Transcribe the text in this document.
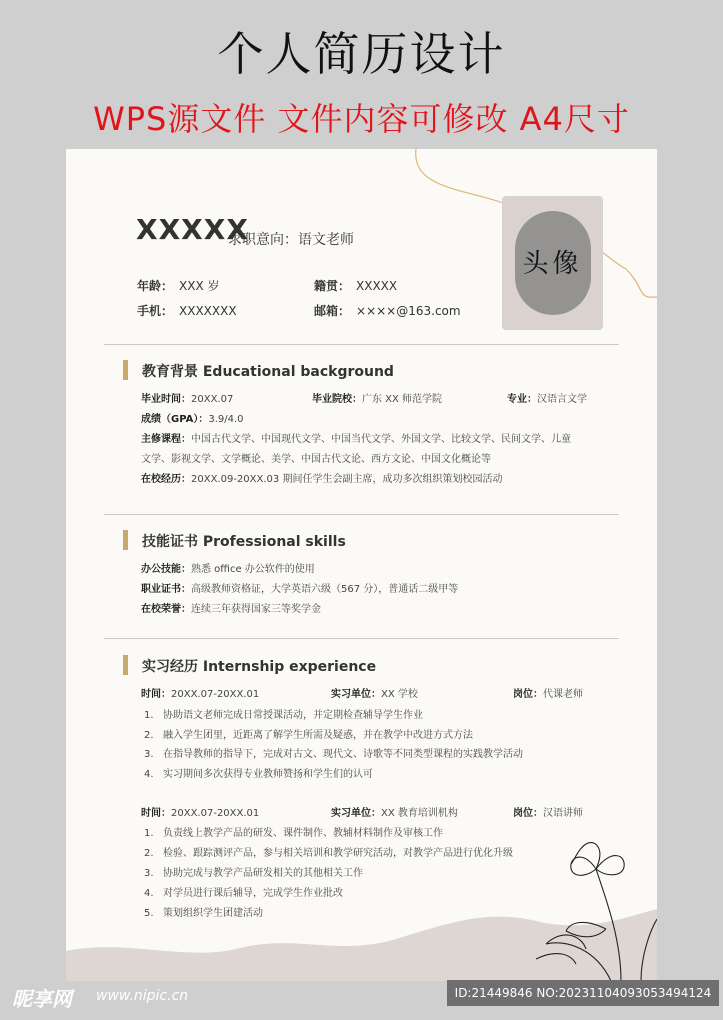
个人简历设计
WPS源文件 文件内容可修改 A4尺寸
XXXXX
求职意向：语文老师
年龄： XXX 岁	籍贯： XXXXX
手机： XXXXXXX	邮箱： ××××@163.com
头像
教育背景 Educational background
毕业时间：20XX.07	毕业院校：广东 XX 师范学院	专业：汉语言文学
成绩（GPA）：3.9/4.0
主修课程：中国古代文学、中国现代文学、中国当代文学、外国文学、比较文学、民间文学、儿童
文学、影视文学、文学概论、美学、中国古代文论、西方文论、中国文化概论等
在校经历：20XX.09-20XX.03 期间任学生会副主席，成功多次组织策划校园活动
技能证书 Professional skills
办公技能：熟悉 office 办公软件的使用
职业证书：高级教师资格证，大学英语六级（567 分），普通话二级甲等
在校荣誉：连续三年获得国家三等奖学金
实习经历 Internship experience
时间：20XX.07-20XX.01	实习单位：XX 学校	岗位：代课老师
1. 协助语文老师完成日常授课活动，并定期检查辅导学生作业
2. 融入学生团里，近距离了解学生所需及疑惑，并在教学中改进方式方法
3. 在指导教师的指导下，完成对古文、现代文、诗歌等不同类型课程的实践教学活动
4. 实习期间多次获得专业教师赞扬和学生们的认可
时间：20XX.07-20XX.01	实习单位：XX 教育培训机构	岗位：汉语讲师
1. 负责线上教学产品的研发、课件制作、教辅材料制作及审核工作
2. 检验、跟踪测评产品，参与相关培训和教学研究活动，对教学产品进行优化升级
3. 协助完成与教学产品研发相关的其他相关工作
4. 对学员进行课后辅导，完成学生作业批改
5. 策划组织学生团建活动
昵享网 www.nipic.cn	ID:21449846 NO:20231104093053494124
